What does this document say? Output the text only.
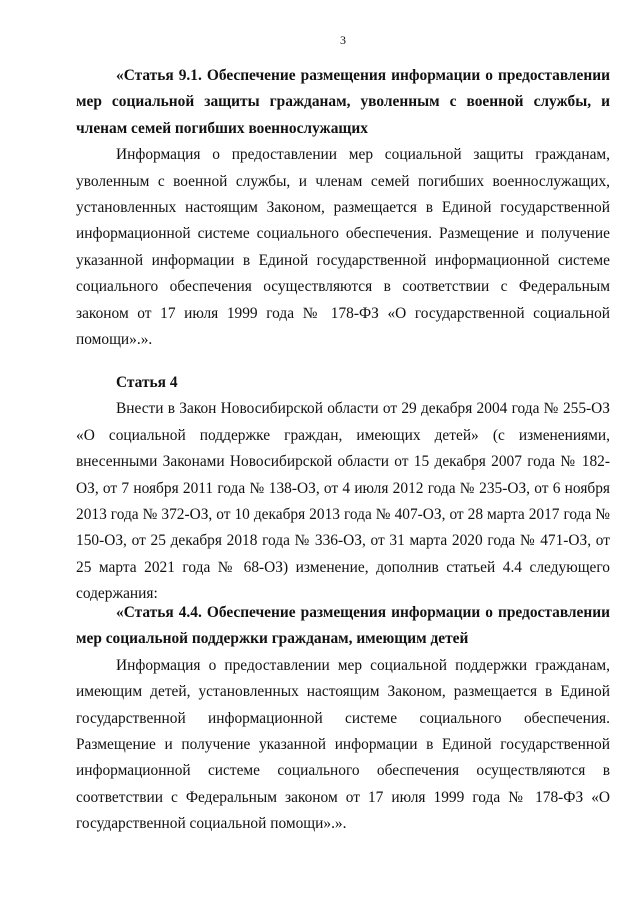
3

«Статья 9.1. Обеспечение размещения информации о предоставлении мер социальной защиты гражданам, уволенным с военной службы, и членам семей погибших военнослужащих

Информация о предоставлении мер социальной защиты гражданам, уволенным с военной службы, и членам семей погибших военнослужащих, установленных настоящим Законом, размещается в Единой государственной информационной системе социального обеспечения. Размещение и получение указанной информации в Единой государственной информационной системе социального обеспечения осуществляются в соответствии с Федеральным законом от 17 июля 1999 года № 178-ФЗ «О государственной социальной помощи».».

Статья 4

Внести в Закон Новосибирской области от 29 декабря 2004 года № 255-ОЗ «О социальной поддержке граждан, имеющих детей» (с изменениями, внесенными Законами Новосибирской области от 15 декабря 2007 года № 182-ОЗ, от 7 ноября 2011 года № 138-ОЗ, от 4 июля 2012 года № 235-ОЗ, от 6 ноября 2013 года № 372-ОЗ, от 10 декабря 2013 года № 407-ОЗ, от 28 марта 2017 года № 150-ОЗ, от 25 декабря 2018 года № 336-ОЗ, от 31 марта 2020 года № 471-ОЗ, от 25 марта 2021 года № 68-ОЗ) изменение, дополнив статьей 4.4 следующего содержания:

«Статья 4.4. Обеспечение размещения информации о предоставлении мер социальной поддержки гражданам, имеющим детей

Информация о предоставлении мер социальной поддержки гражданам, имеющим детей, установленных настоящим Законом, размещается в Единой государственной информационной системе социального обеспечения. Размещение и получение указанной информации в Единой государственной информационной системе социального обеспечения осуществляются в соответствии с Федеральным законом от 17 июля 1999 года № 178-ФЗ «О государственной социальной помощи».».
